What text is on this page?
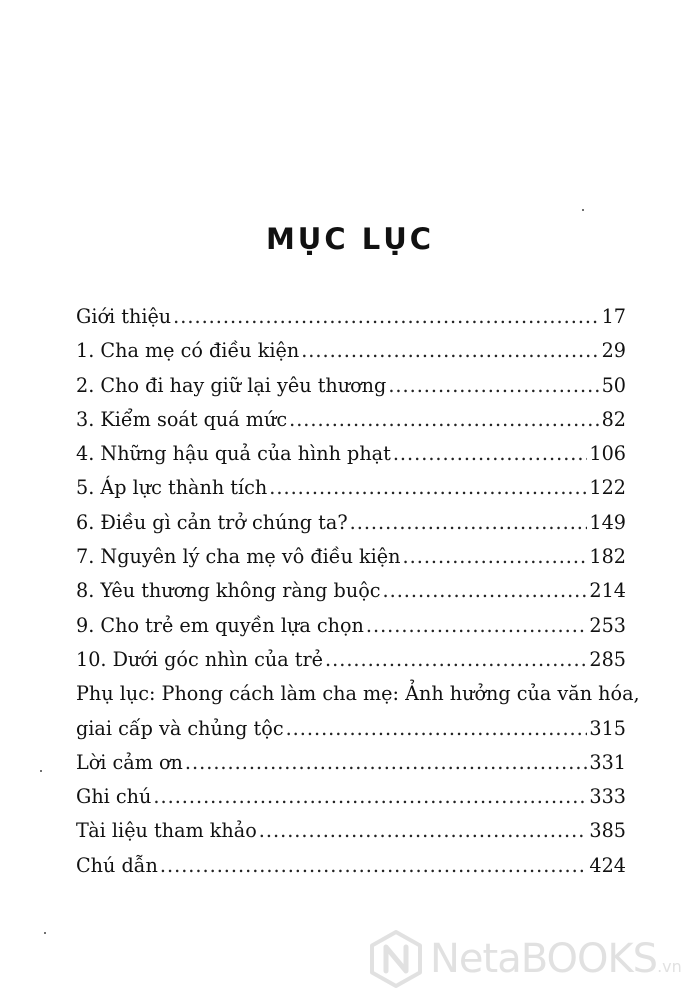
MỤC LỤC
Giới thiệu .....	17
1. Cha mẹ có điều kiện .....	29
2. Cho đi hay giữ lại yêu thương .....	50
3. Kiểm soát quá mức .....	82
4. Những hậu quả của hình phạt .....	106
5. Áp lực thành tích .....	122
6. Điều gì cản trở chúng ta? .....	149
7. Nguyên lý cha mẹ vô điều kiện .....	182
8. Yêu thương không ràng buộc .....	214
9. Cho trẻ em quyền lựa chọn .....	253
10. Dưới góc nhìn của trẻ .....	285
Phụ lục: Phong cách làm cha mẹ: Ảnh hưởng của văn hóa,
giai cấp và chủng tộc .....	315
Lời cảm ơn .....	331
Ghi chú .....	333
Tài liệu tham khảo .....	385
Chú dẫn .....	424
NetaBOOKS .vn
